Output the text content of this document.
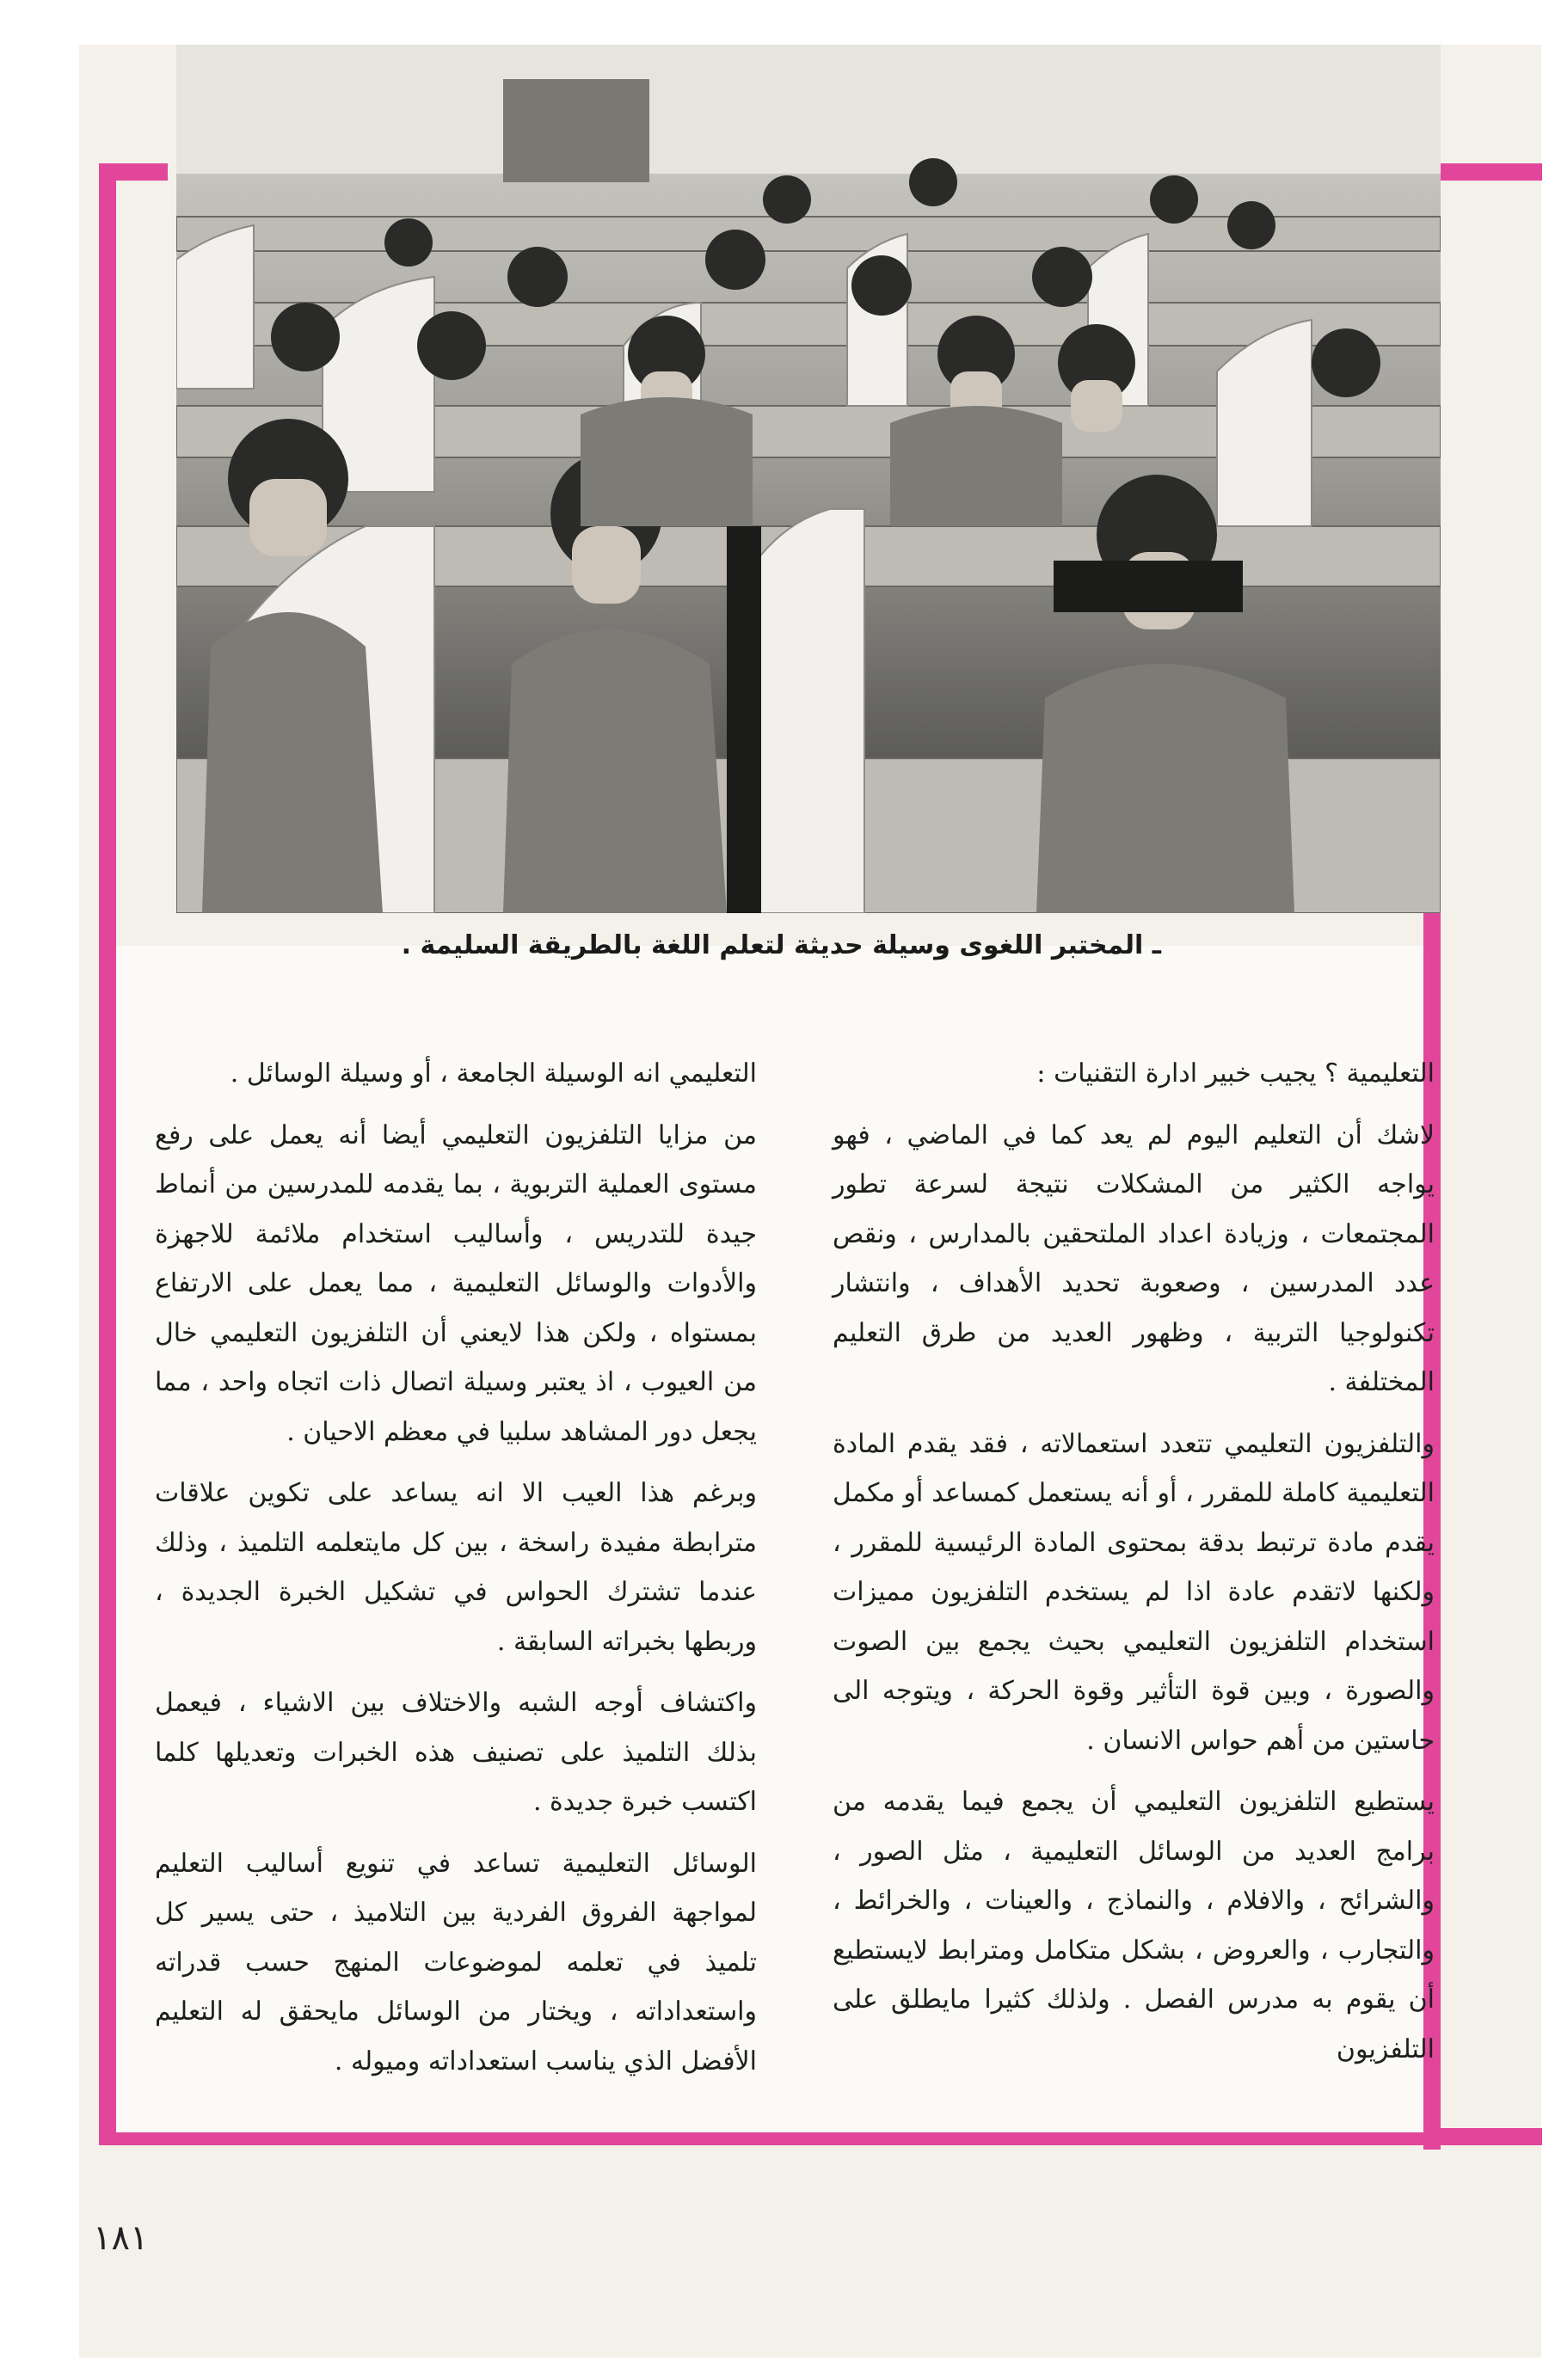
ـ المختبر اللغوى وسيلة حديثة لتعلم اللغة بالطريقة السليمة .

التعليمية ؟ يجيب خبير ادارة التقنيات :

لاشك أن التعليم اليوم لم يعد كما في الماضي ، فهو يواجه الكثير من المشكلات نتيجة لسرعة تطور المجتمعات ، وزيادة اعداد الملتحقين بالمدارس ، ونقص عدد المدرسين ، وصعوبة تحديد الأهداف ، وانتشار تكنولوجيا التربية ، وظهور العديد من طرق التعليم المختلفة .

والتلفزيون التعليمي تتعدد استعمالاته ، فقد يقدم المادة التعليمية كاملة للمقرر ، أو أنه يستعمل كمساعد أو مكمل يقدم مادة ترتبط بدقة بمحتوى المادة الرئيسية للمقرر ، ولكنها لاتقدم عادة اذا لم يستخدم التلفزيون مميزات استخدام التلفزيون التعليمي بحيث يجمع بين الصوت والصورة ، وبين قوة التأثير وقوة الحركة ، ويتوجه الى حاستين من أهم حواس الانسان .

يستطيع التلفزيون التعليمي أن يجمع فيما يقدمه من برامج العديد من الوسائل التعليمية ، مثل الصور ، والشرائح ، والافلام ، والنماذج ، والعينات ، والخرائط ، والتجارب ، والعروض ، بشكل متكامل ومترابط لايستطيع أن يقوم به مدرس الفصل . ولذلك كثيرا مايطلق على التلفزيون

التعليمي انه الوسيلة الجامعة ، أو وسيلة الوسائل .

من مزايا التلفزيون التعليمي أيضا أنه يعمل على رفع مستوى العملية التربوية ، بما يقدمه للمدرسين من أنماط جيدة للتدريس ، وأساليب استخدام ملائمة للاجهزة والأدوات والوسائل التعليمية ، مما يعمل على الارتفاع بمستواه ، ولكن هذا لايعني أن التلفزيون التعليمي خال من العيوب ، اذ يعتبر وسيلة اتصال ذات اتجاه واحد ، مما يجعل دور المشاهد سلبيا في معظم الاحيان .

وبرغم هذا العيب الا انه يساعد على تكوين علاقات مترابطة مفيدة راسخة ، بين كل مايتعلمه التلميذ ، وذلك عندما تشترك الحواس في تشكيل الخبرة الجديدة ، وربطها بخبراته السابقة .

واكتشاف أوجه الشبه والاختلاف بين الاشياء ، فيعمل بذلك التلميذ على تصنيف هذه الخبرات وتعديلها كلما اكتسب خبرة جديدة .

الوسائل التعليمية تساعد في تنويع أساليب التعليم لمواجهة الفروق الفردية بين التلاميذ ، حتى يسير كل تلميذ في تعلمه لموضوعات المنهج حسب قدراته واستعداداته ، ويختار من الوسائل مايحقق له التعليم الأفضل الذي يناسب استعداداته وميوله .

١٨١
